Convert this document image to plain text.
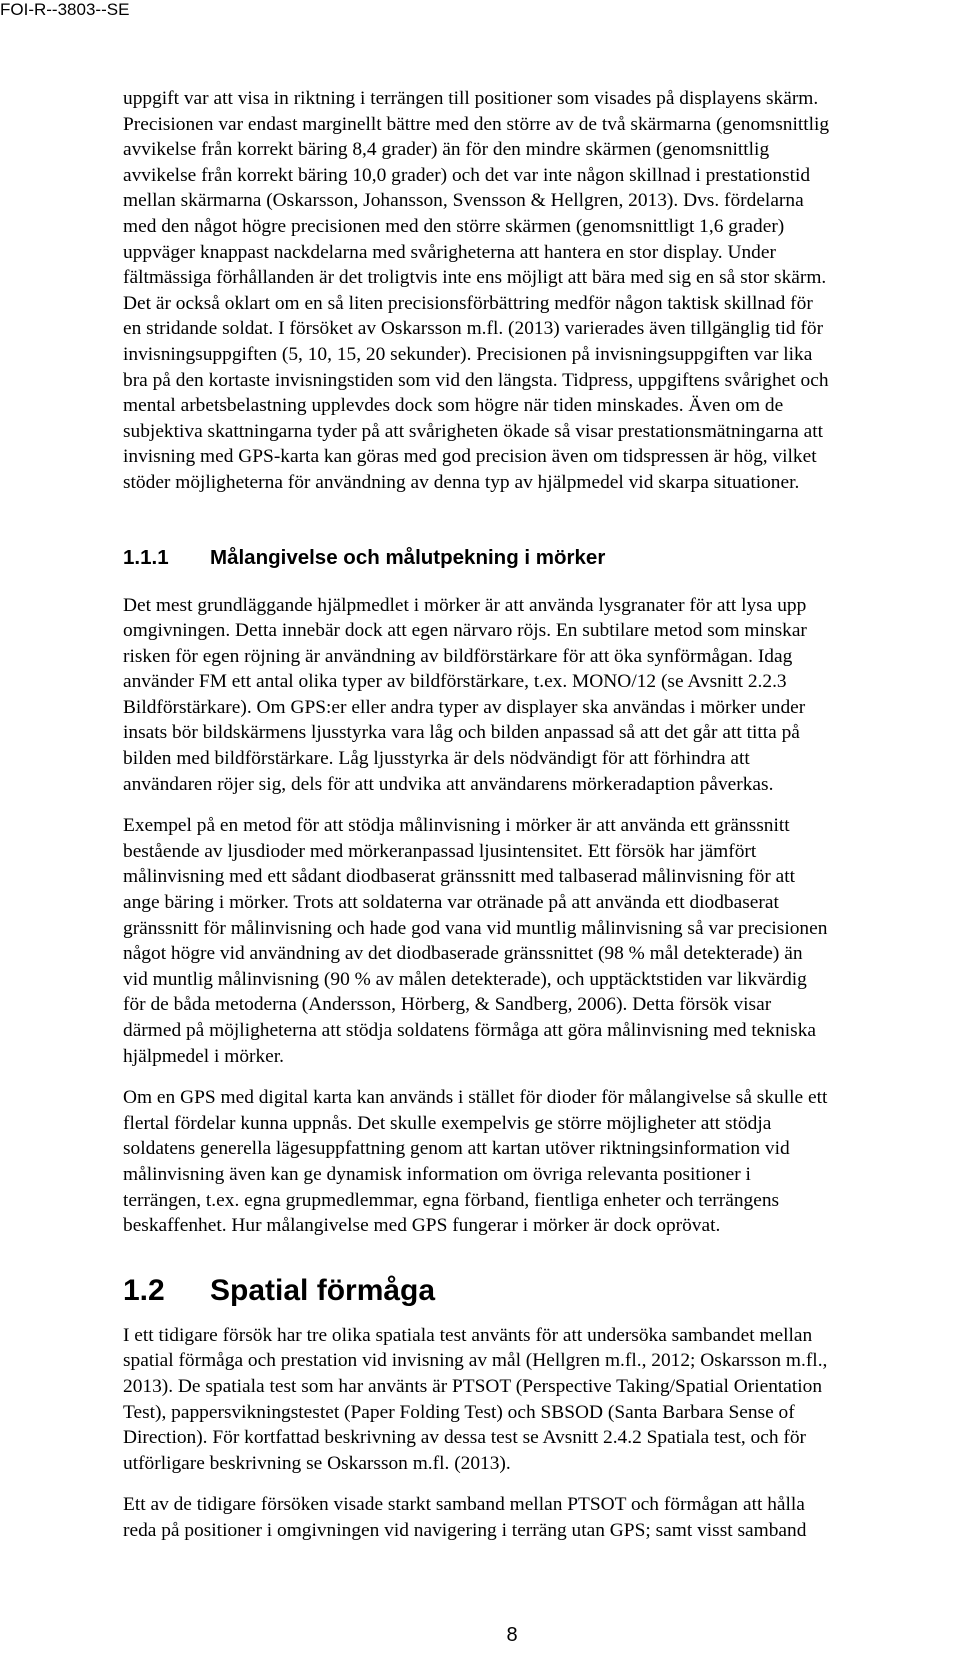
FOI-R--3803--SE

uppgift var att visa in riktning i terrängen till positioner som visades på displayens skärm.
Precisionen var endast marginellt bättre med den större av de två skärmarna (genomsnittlig
avvikelse från korrekt bäring 8,4 grader) än för den mindre skärmen (genomsnittlig
avvikelse från korrekt bäring 10,0 grader) och det var inte någon skillnad i prestationstid
mellan skärmarna (Oskarsson, Johansson, Svensson & Hellgren, 2013). Dvs. fördelarna
med den något högre precisionen med den större skärmen (genomsnittligt 1,6 grader)
uppväger knappast nackdelarna med svårigheterna att hantera en stor display. Under
fältmässiga förhållanden är det troligtvis inte ens möjligt att bära med sig en så stor skärm.
Det är också oklart om en så liten precisionsförbättring medför någon taktisk skillnad för
en stridande soldat. I försöket av Oskarsson m.fl. (2013) varierades även tillgänglig tid för
invisningsuppgiften (5, 10, 15, 20 sekunder). Precisionen på invisningsuppgiften var lika
bra på den kortaste invisningstiden som vid den längsta. Tidpress, uppgiftens svårighet och
mental arbetsbelastning upplevdes dock som högre när tiden minskades. Även om de
subjektiva skattningarna tyder på att svårigheten ökade så visar prestationsmätningarna att
invisning med GPS-karta kan göras med god precision även om tidspressen är hög, vilket
stöder möjligheterna för användning av denna typ av hjälpmedel vid skarpa situationer.

1.1.1	Målangivelse och målutpekning i mörker

Det mest grundläggande hjälpmedlet i mörker är att använda lysgranater för att lysa upp
omgivningen. Detta innebär dock att egen närvaro röjs. En subtilare metod som minskar
risken för egen röjning är användning av bildförstärkare för att öka synförmågan. Idag
använder FM ett antal olika typer av bildförstärkare, t.ex. MONO/12 (se Avsnitt 2.2.3
Bildförstärkare). Om GPS:er eller andra typer av displayer ska användas i mörker under
insats bör bildskärmens ljusstyrka vara låg och bilden anpassad så att det går att titta på
bilden med bildförstärkare. Låg ljusstyrka är dels nödvändigt för att förhindra att
användaren röjer sig, dels för att undvika att användarens mörkeradaption påverkas.

Exempel på en metod för att stödja målinvisning i mörker är att använda ett gränssnitt
bestående av ljusdioder med mörkeranpassad ljusintensitet. Ett försök har jämfört
målinvisning med ett sådant diodbaserat gränssnitt med talbaserad målinvisning för att
ange bäring i mörker. Trots att soldaterna var otränade på att använda ett diodbaserat
gränssnitt för målinvisning och hade god vana vid muntlig målinvisning så var precisionen
något högre vid användning av det diodbaserade gränssnittet (98 % mål detekterade) än
vid muntlig målinvisning (90 % av målen detekterade), och upptäcktstiden var likvärdig
för de båda metoderna (Andersson, Hörberg, & Sandberg, 2006). Detta försök visar
därmed på möjligheterna att stödja soldatens förmåga att göra målinvisning med tekniska
hjälpmedel i mörker.

Om en GPS med digital karta kan används i stället för dioder för målangivelse så skulle ett
flertal fördelar kunna uppnås. Det skulle exempelvis ge större möjligheter att stödja
soldatens generella lägesuppfattning genom att kartan utöver riktningsinformation vid
målinvisning även kan ge dynamisk information om övriga relevanta positioner i
terrängen, t.ex. egna grupmedlemmar, egna förband, fientliga enheter och terrängens
beskaffenhet. Hur målangivelse med GPS fungerar i mörker är dock oprövat.

1.2	Spatial förmåga

I ett tidigare försök har tre olika spatiala test använts för att undersöka sambandet mellan
spatial förmåga och prestation vid invisning av mål (Hellgren m.fl., 2012; Oskarsson m.fl.,
2013). De spatiala test som har använts är PTSOT (Perspective Taking/Spatial Orientation
Test), pappersvikningstestet (Paper Folding Test) och SBSOD (Santa Barbara Sense of
Direction). För kortfattad beskrivning av dessa test se Avsnitt 2.4.2 Spatiala test, och för
utförligare beskrivning se Oskarsson m.fl. (2013).

Ett av de tidigare försöken visade starkt samband mellan PTSOT och förmågan att hålla
reda på positioner i omgivningen vid navigering i terräng utan GPS; samt visst samband

8
